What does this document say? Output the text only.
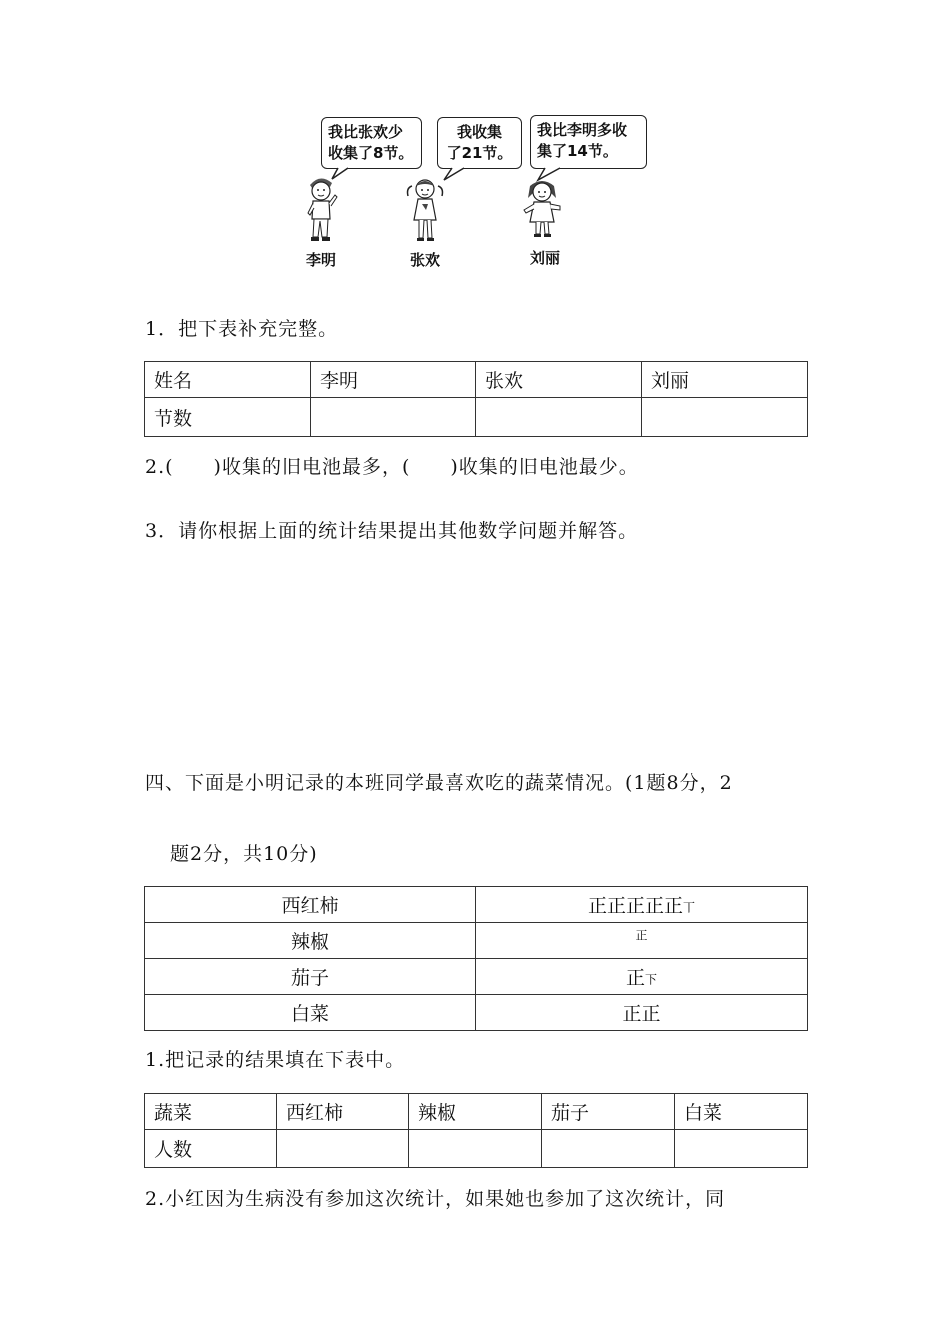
我比张欢少
收集了8节。
我收集
了21节。
我比李明多收
集了14节。
李明	张欢	刘丽
1．把下表补充完整。
姓名	李明	张欢	刘丽
节数			
2.(　　)收集的旧电池最多，(　　)收集的旧电池最少。
3．请你根据上面的统计结果提出其他数学问题并解答。
四、下面是小明记录的本班同学最喜欢吃的蔬菜情况。(1题8分，2
题2分，共10分)
西红柿	正正正正正丅
辣椒	正
茄子	正下
白菜	正正
1.把记录的结果填在下表中。
蔬菜	西红柿	辣椒	茄子	白菜
人数				
2.小红因为生病没有参加这次统计，如果她也参加了这次统计，同
